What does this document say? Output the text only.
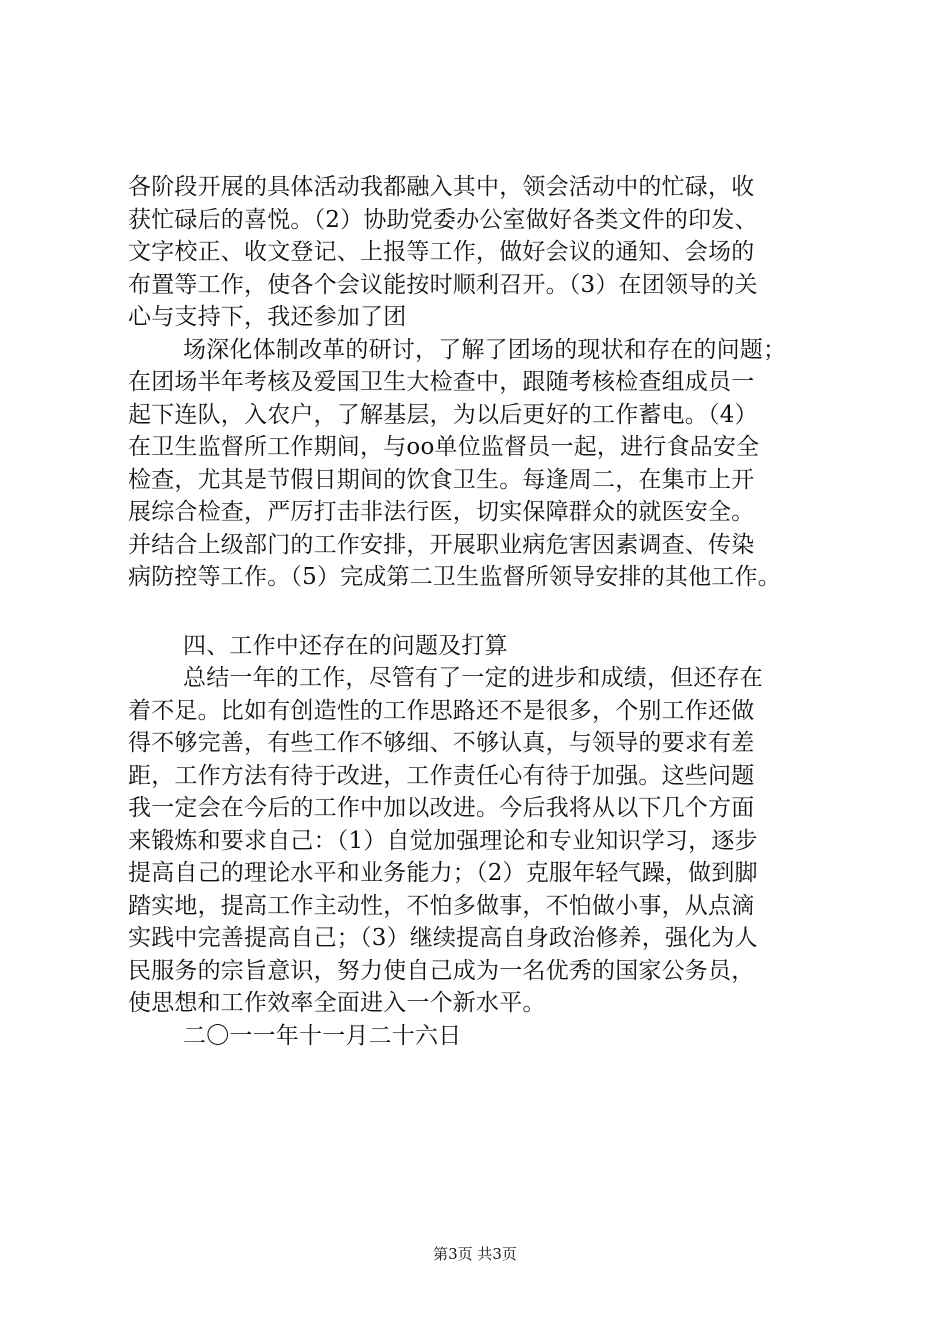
各阶段开展的具体活动我都融入其中，领会活动中的忙碌，收
获忙碌后的喜悦。（2）协助党委办公室做好各类文件的印发、
文字校正、收文登记、上报等工作，做好会议的通知、会场的
布置等工作，使各个会议能按时顺利召开。（3）在团领导的关
心与支持下，我还参加了团
场深化体制改革的研讨，了解了团场的现状和存在的问题；
在团场半年考核及爱国卫生大检查中，跟随考核检查组成员一
起下连队，入农户，了解基层，为以后更好的工作蓄电。（4）
在卫生监督所工作期间，与oo单位监督员一起，进行食品安全
检查，尤其是节假日期间的饮食卫生。每逢周二，在集市上开
展综合检查，严厉打击非法行医，切实保障群众的就医安全。
并结合上级部门的工作安排，开展职业病危害因素调查、传染
病防控等工作。（5）完成第二卫生监督所领导安排的其他工作。
四、工作中还存在的问题及打算
总结一年的工作，尽管有了一定的进步和成绩，但还存在
着不足。比如有创造性的工作思路还不是很多，个别工作还做
得不够完善，有些工作不够细、不够认真，与领导的要求有差
距，工作方法有待于改进，工作责任心有待于加强。这些问题
我一定会在今后的工作中加以改进。今后我将从以下几个方面
来锻炼和要求自己：（1）自觉加强理论和专业知识学习，逐步
提高自己的理论水平和业务能力；（2）克服年轻气躁，做到脚
踏实地，提高工作主动性，不怕多做事，不怕做小事，从点滴
实践中完善提高自己；（3）继续提高自身政治修养，强化为人
民服务的宗旨意识，努力使自己成为一名优秀的国家公务员，
使思想和工作效率全面进入一个新水平。
二〇一一年十一月二十六日
第3页 共3页
